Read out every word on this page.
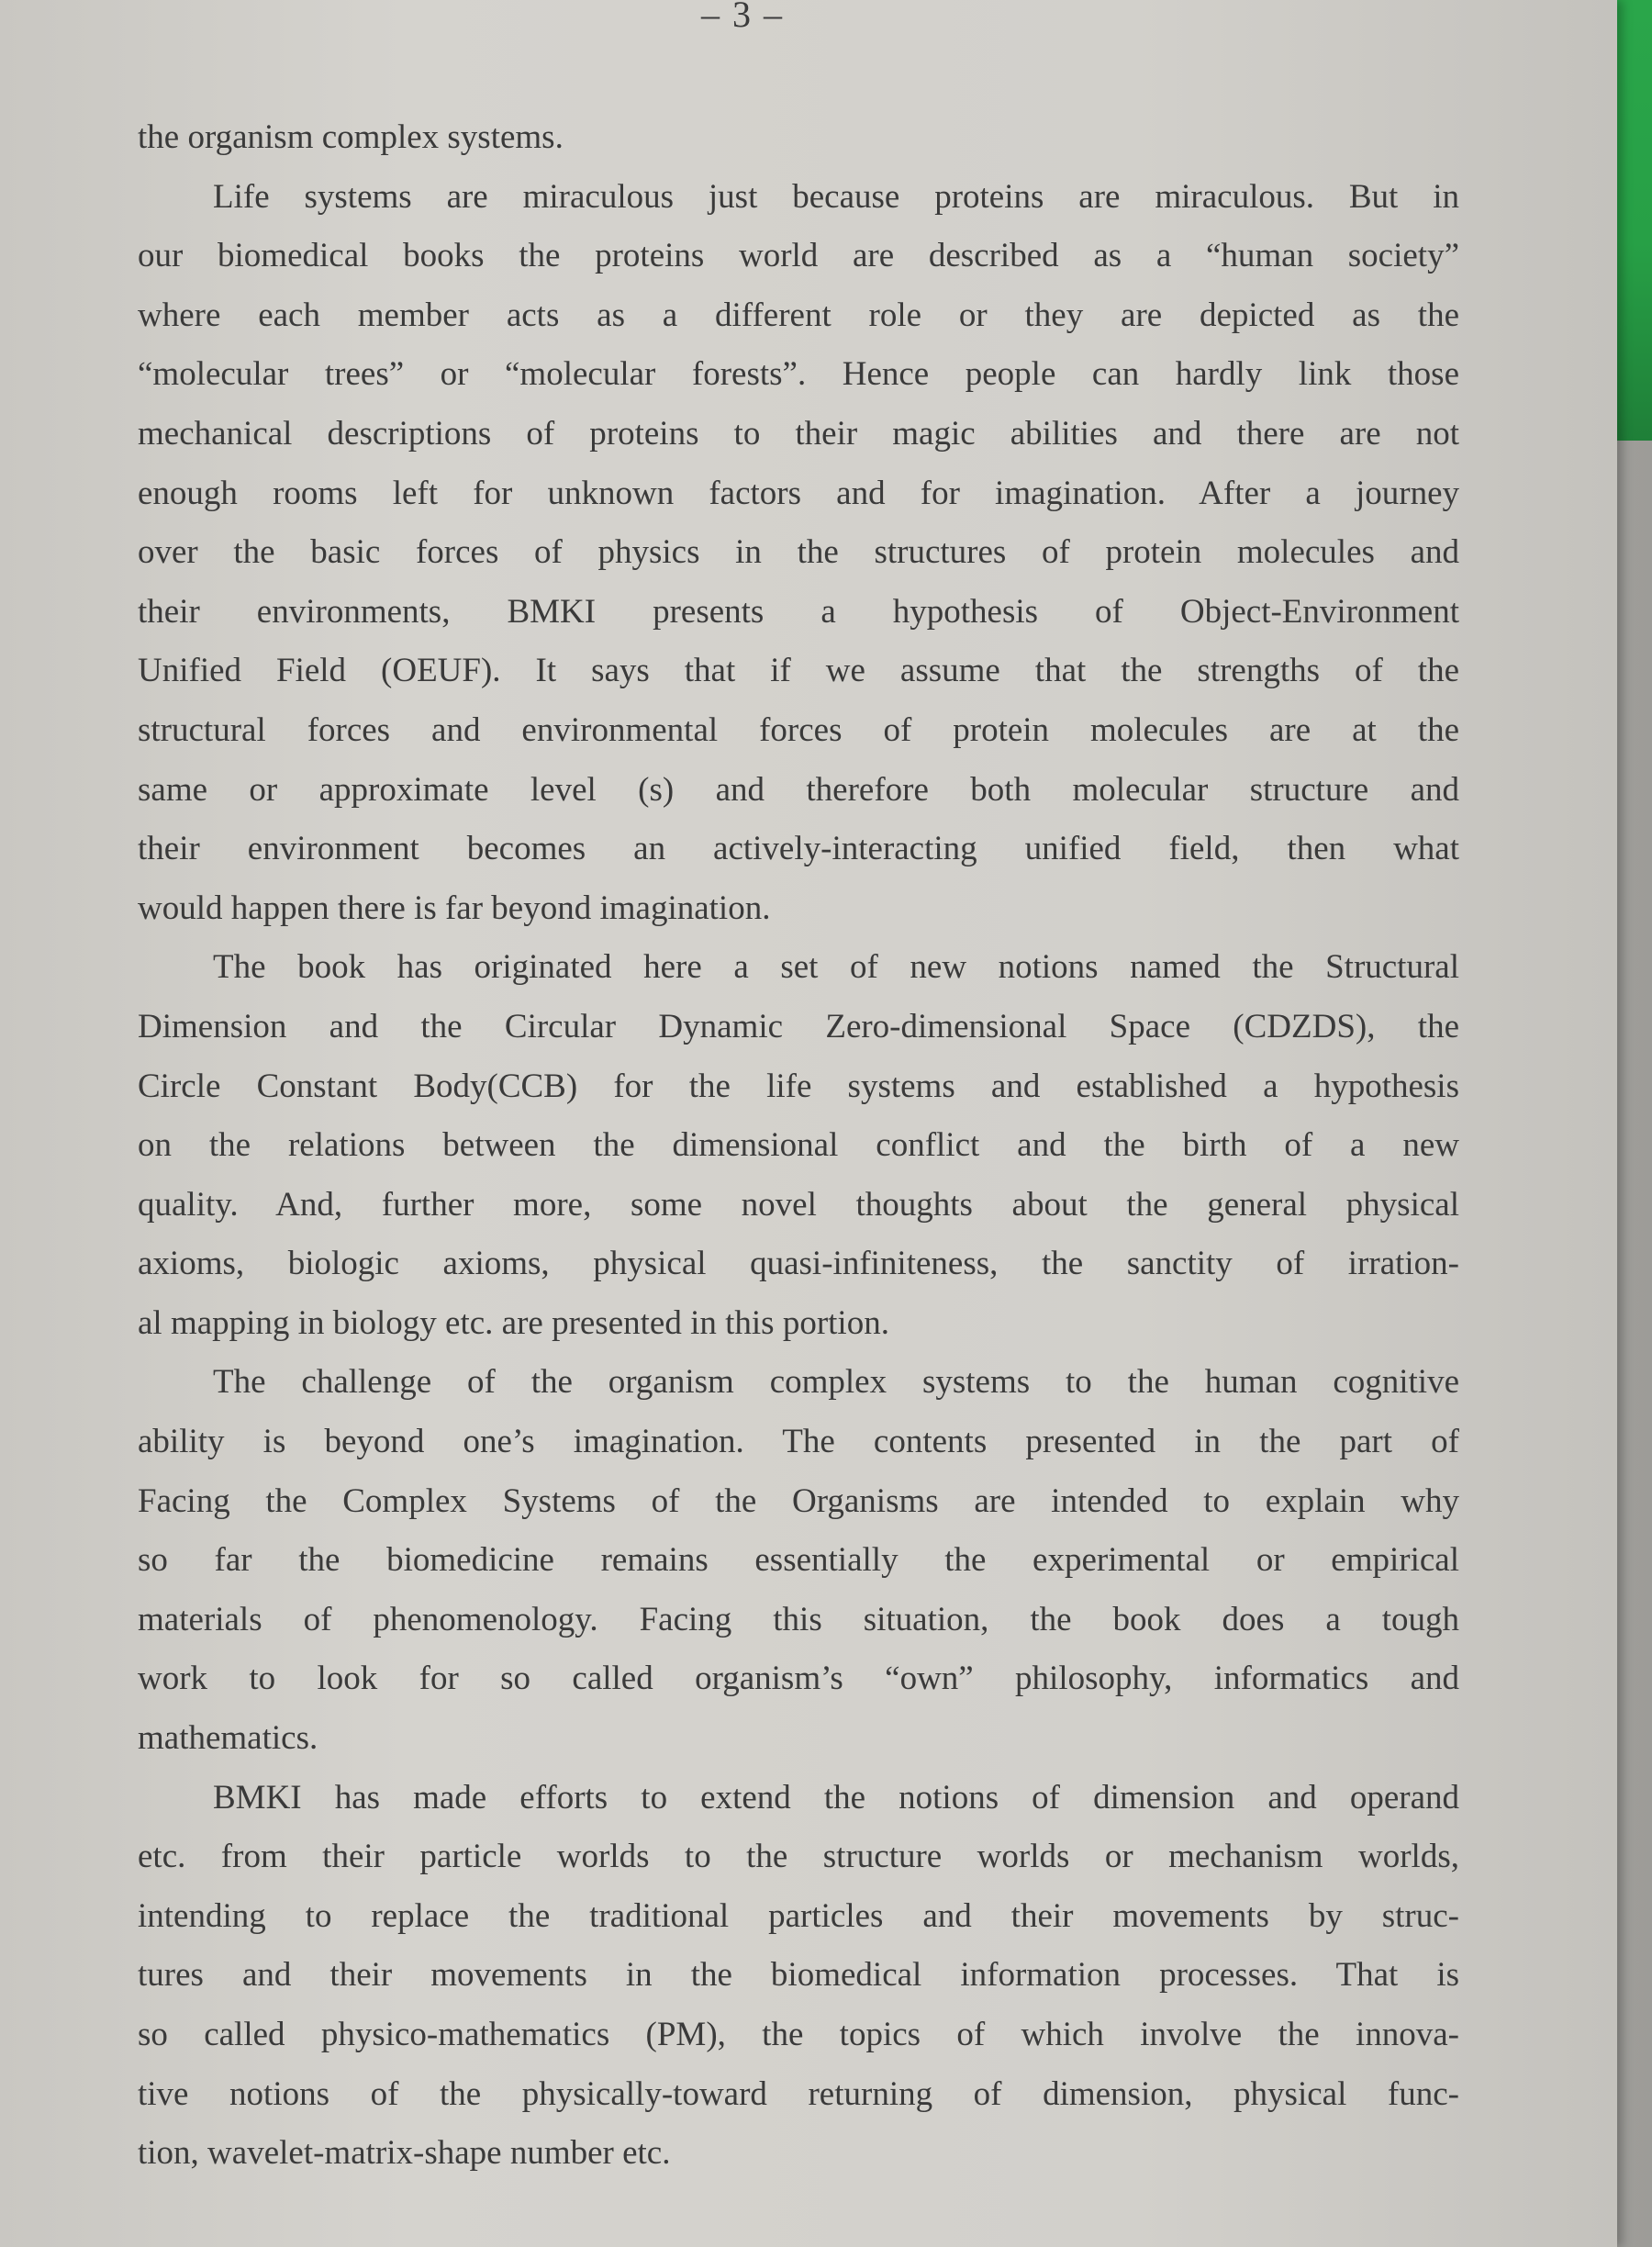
– 3 –
the organism complex systems.
Life systems are miraculous just because proteins are miraculous. But in
our biomedical books the proteins world are described as a “human society”
where each member acts as a different role or they are depicted as the
“molecular trees” or “molecular forests”. Hence people can hardly link those
mechanical descriptions of proteins to their magic abilities and there are not
enough rooms left for unknown factors and for imagination. After a journey
over the basic forces of physics in the structures of protein molecules and
their environments, BMKI presents a hypothesis of Object-Environment
Unified Field (OEUF). It says that if we assume that the strengths of the
structural forces and environmental forces of protein molecules are at the
same or approximate level (s) and therefore both molecular structure and
their environment becomes an actively-interacting unified field, then what
would happen there is far beyond imagination.
The book has originated here a set of new notions named the Structural
Dimension and the Circular Dynamic Zero-dimensional Space (CDZDS), the
Circle Constant Body(CCB) for the life systems and established a hypothesis
on the relations between the dimensional conflict and the birth of a new
quality. And, further more, some novel thoughts about the general physical
axioms, biologic axioms, physical quasi-infiniteness, the sanctity of irration-
al mapping in biology etc. are presented in this portion.
The challenge of the organism complex systems to the human cognitive
ability is beyond one’s imagination. The contents presented in the part of
Facing the Complex Systems of the Organisms are intended to explain why
so far the biomedicine remains essentially the experimental or empirical
materials of phenomenology. Facing this situation, the book does a tough
work to look for so called organism’s “own” philosophy, informatics and
mathematics.
BMKI has made efforts to extend the notions of dimension and operand
etc. from their particle worlds to the structure worlds or mechanism worlds,
intending to replace the traditional particles and their movements by struc-
tures and their movements in the biomedical information processes. That is
so called physico-mathematics (PM), the topics of which involve the innova-
tive notions of the physically-toward returning of dimension, physical func-
tion, wavelet-matrix-shape number etc.
